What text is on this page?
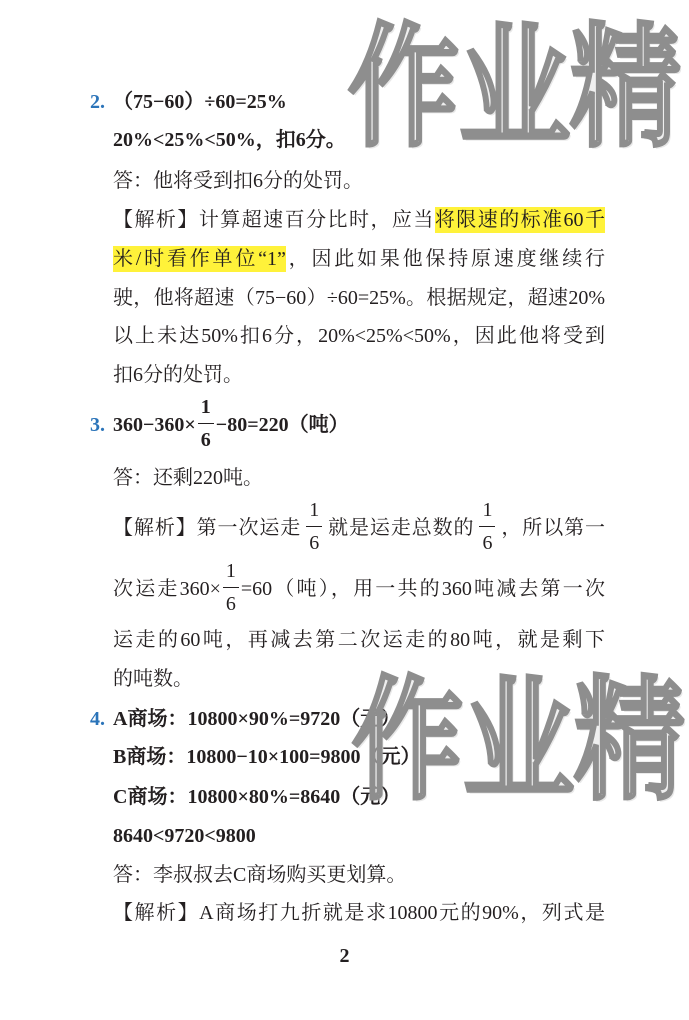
2. （75−60）÷60=25%
20%<25%<50%，扣6分。
答：他将受到扣6分的处罚。
【解析】计算超速百分比时，应当将限速的标准60千
米/时看作单位“1”，因此如果他保持原速度继续行
驶，他将超速（75−60）÷60=25%。根据规定，超速20%
以上未达50%扣6分，20%<25%<50%，因此他将受到
扣6分的处罚。
3. $360-360\times \frac{1}{6} -80=220$（吨）
答：还剩220吨。
【解析】第一次运走 $\frac{1}{6}$ 就是运走总数的 $\frac{1}{6}$ ，所以第一
次运走$360\times \frac{1}{6} =60$（吨），用一共的360吨减去第一次
运走的60吨，再减去第二次运走的80吨，就是剩下
的吨数。
4. A商场：10800×90%=9720（元）
B商场：10800−10×100=9800（元）
C商场：10800×80%=8640（元）
8640<9720<9800
答：李叔叔去C商场购买更划算。
【解析】A商场打九折就是求10800元的90%，列式是
2
作业精
作业精
